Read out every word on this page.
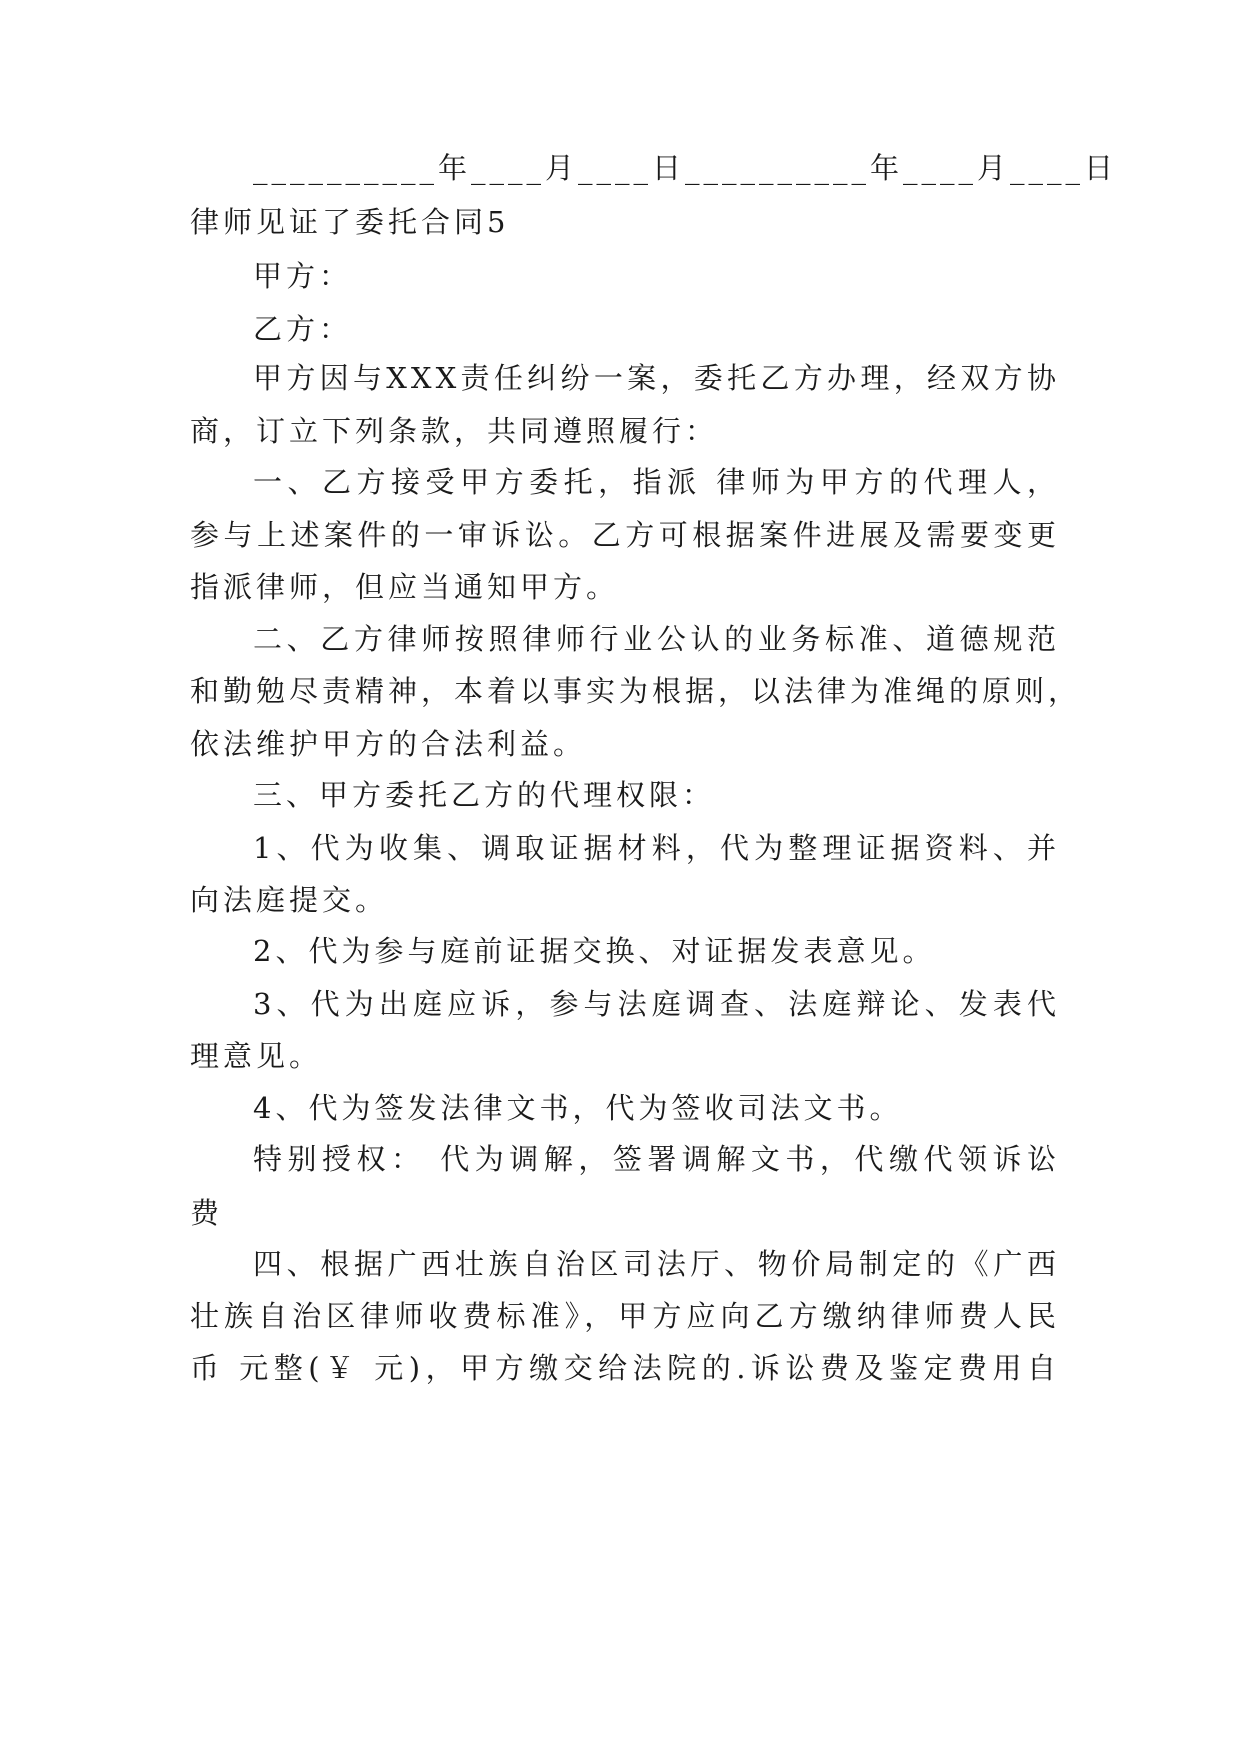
__________年____月____日__________年____月____日
律师见证了委托合同5
甲方：
乙方：
甲方因与XXX责任纠纷一案，委托乙方办理，经双方协
商，订立下列条款，共同遵照履行：
一、乙方接受甲方委托，指派 律师为甲方的代理人，
参与上述案件的一审诉讼。乙方可根据案件进展及需要变更
指派律师，但应当通知甲方。
二、乙方律师按照律师行业公认的业务标准、道德规范
和勤勉尽责精神，本着以事实为根据，以法律为准绳的原则，
依法维护甲方的合法利益。
三、甲方委托乙方的代理权限：
1、代为收集、调取证据材料，代为整理证据资料、并
向法庭提交。
2、代为参与庭前证据交换、对证据发表意见。
3、代为出庭应诉，参与法庭调查、法庭辩论、发表代
理意见。
4、代为签发法律文书，代为签收司法文书。
特别授权： 代为调解，签署调解文书，代缴代领诉讼
费
四、根据广西壮族自治区司法厅、物价局制定的《广西
壮族自治区律师收费标准》，甲方应向乙方缴纳律师费人民
币 元整(￥ 元)，甲方缴交给法院的.诉讼费及鉴定费用自
